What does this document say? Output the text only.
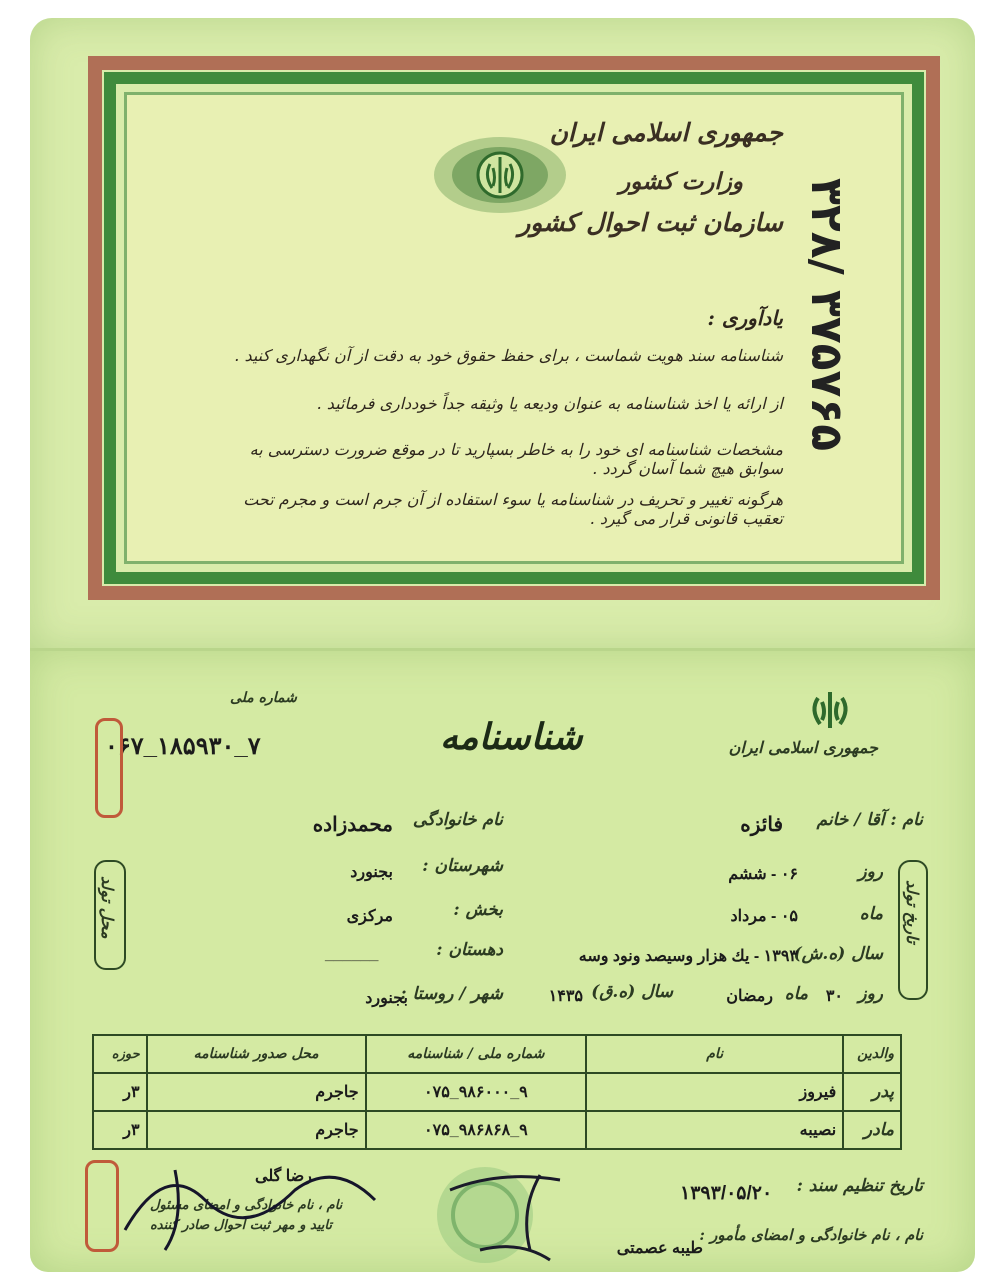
جمهوری اسلامی ایران
وزارت کشور
سازمان ثبت احوال کشور ۳۲۸/ ۳۷۵۷۶۵
یادآوری :
شناسنامه سند هویت شماست ، برای حفظ حقوق خود به دقت از آن نگهداری کنید .
از ارائه یا اخذ شناسنامه به عنوان ودیعه یا وثیقه جداً خودداری فرمائید .
مشخصات شناسنامه ای خود را به خاطر بسپارید تا در موقع ضرورت دسترسی به سوابق هیچ شما آسان گردد .
هرگونه تغییر و تحریف در شناسنامه یا سوء استفاده از آن جرم است و مجرم تحت تعقیب قانونی قرار می گیرد .
جمهوری اسلامی ایران
شناسنامه
شماره ملی
۰۶۷_۱۸۵۹۳۰_۷
نام : آقا / خانم
فائزه
نام خانوادگی
محمدزاده
تاریخ تولد
روز
۰۶ - ششم
ماه
۰۵ - مرداد
سال (ه.ش)
۱۳۹۳ - یك هزار وسیصد ونود وسه
محل تولد
شهرستان :
بجنورد
بخش :
مرکزی
دهستان :
______
روز
۳۰
ماه
رمضان
سال (ه.ق)
۱۴۳۵
شهر / روستا :
بجنورد
والدین	نام	شماره ملی / شناسنامه	محل صدور شناسنامه	حوزه
پدر	فیروز	۰۷۵_۹۸۶۰۰۰_۹	جاجرم	۳ر
مادر	نصیبه	۰۷۵_۹۸۶۸۶۸_۹	جاجرم	۳ر
تاریخ تنظیم سند :
۱۳۹۳/۰۵/۲۰
نام ، نام خانوادگی و امضای مأمور :
طیبه عصمتی
رضا گلی
نام ، نام خانوادگی و امضای مسئول
تایید و مهر ثبت احوال صادر کننده
